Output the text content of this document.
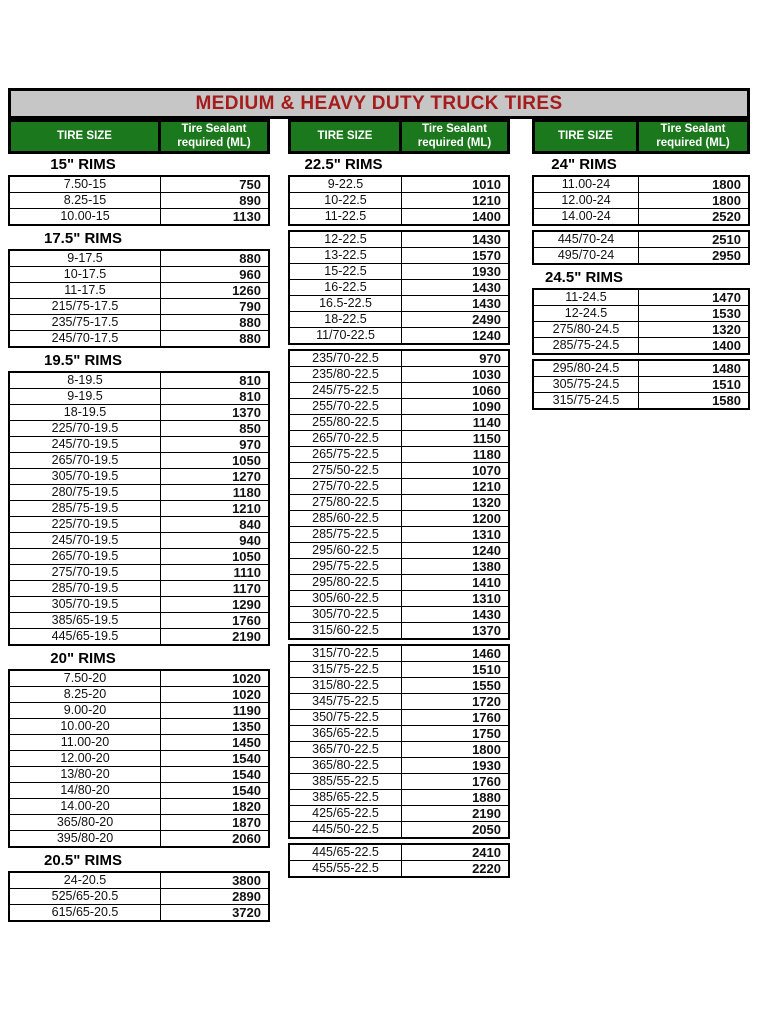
MEDIUM & HEAVY DUTY TRUCK TIRES
TIRE SIZE
Tire Sealant required (ML)
15" RIMS
7.50-15	750
8.25-15	890
10.00-15	1130
17.5" RIMS
9-17.5	880
10-17.5	960
11-17.5	1260
215/75-17.5	790
235/75-17.5	880
245/70-17.5	880
19.5" RIMS
8-19.5	810
9-19.5	810
18-19.5	1370
225/70-19.5	850
245/70-19.5	970
265/70-19.5	1050
305/70-19.5	1270
280/75-19.5	1180
285/75-19.5	1210
225/70-19.5	840
245/70-19.5	940
265/70-19.5	1050
275/70-19.5	1110
285/70-19.5	1170
305/70-19.5	1290
385/65-19.5	1760
445/65-19.5	2190
20" RIMS
7.50-20	1020
8.25-20	1020
9.00-20	1190
10.00-20	1350
11.00-20	1450
12.00-20	1540
13/80-20	1540
14/80-20	1540
14.00-20	1820
365/80-20	1870
395/80-20	2060
20.5" RIMS
24-20.5	3800
525/65-20.5	2890
615/65-20.5	3720
TIRE SIZE
Tire Sealant required (ML)
22.5" RIMS
9-22.5	1010
10-22.5	1210
11-22.5	1400
12-22.5	1430
13-22.5	1570
15-22.5	1930
16-22.5	1430
16.5-22.5	1430
18-22.5	2490
11/70-22.5	1240
235/70-22.5	970
235/80-22.5	1030
245/75-22.5	1060
255/70-22.5	1090
255/80-22.5	1140
265/70-22.5	1150
265/75-22.5	1180
275/50-22.5	1070
275/70-22.5	1210
275/80-22.5	1320
285/60-22.5	1200
285/75-22.5	1310
295/60-22.5	1240
295/75-22.5	1380
295/80-22.5	1410
305/60-22.5	1310
305/70-22.5	1430
315/60-22.5	1370
315/70-22.5	1460
315/75-22.5	1510
315/80-22.5	1550
345/75-22.5	1720
350/75-22.5	1760
365/65-22.5	1750
365/70-22.5	1800
365/80-22.5	1930
385/55-22.5	1760
385/65-22.5	1880
425/65-22.5	2190
445/50-22.5	2050
445/65-22.5	2410
455/55-22.5	2220
TIRE SIZE
Tire Sealant required (ML)
24" RIMS
11.00-24	1800
12.00-24	1800
14.00-24	2520
445/70-24	2510
495/70-24	2950
24.5" RIMS
11-24.5	1470
12-24.5	1530
275/80-24.5	1320
285/75-24.5	1400
295/80-24.5	1480
305/75-24.5	1510
315/75-24.5	1580
